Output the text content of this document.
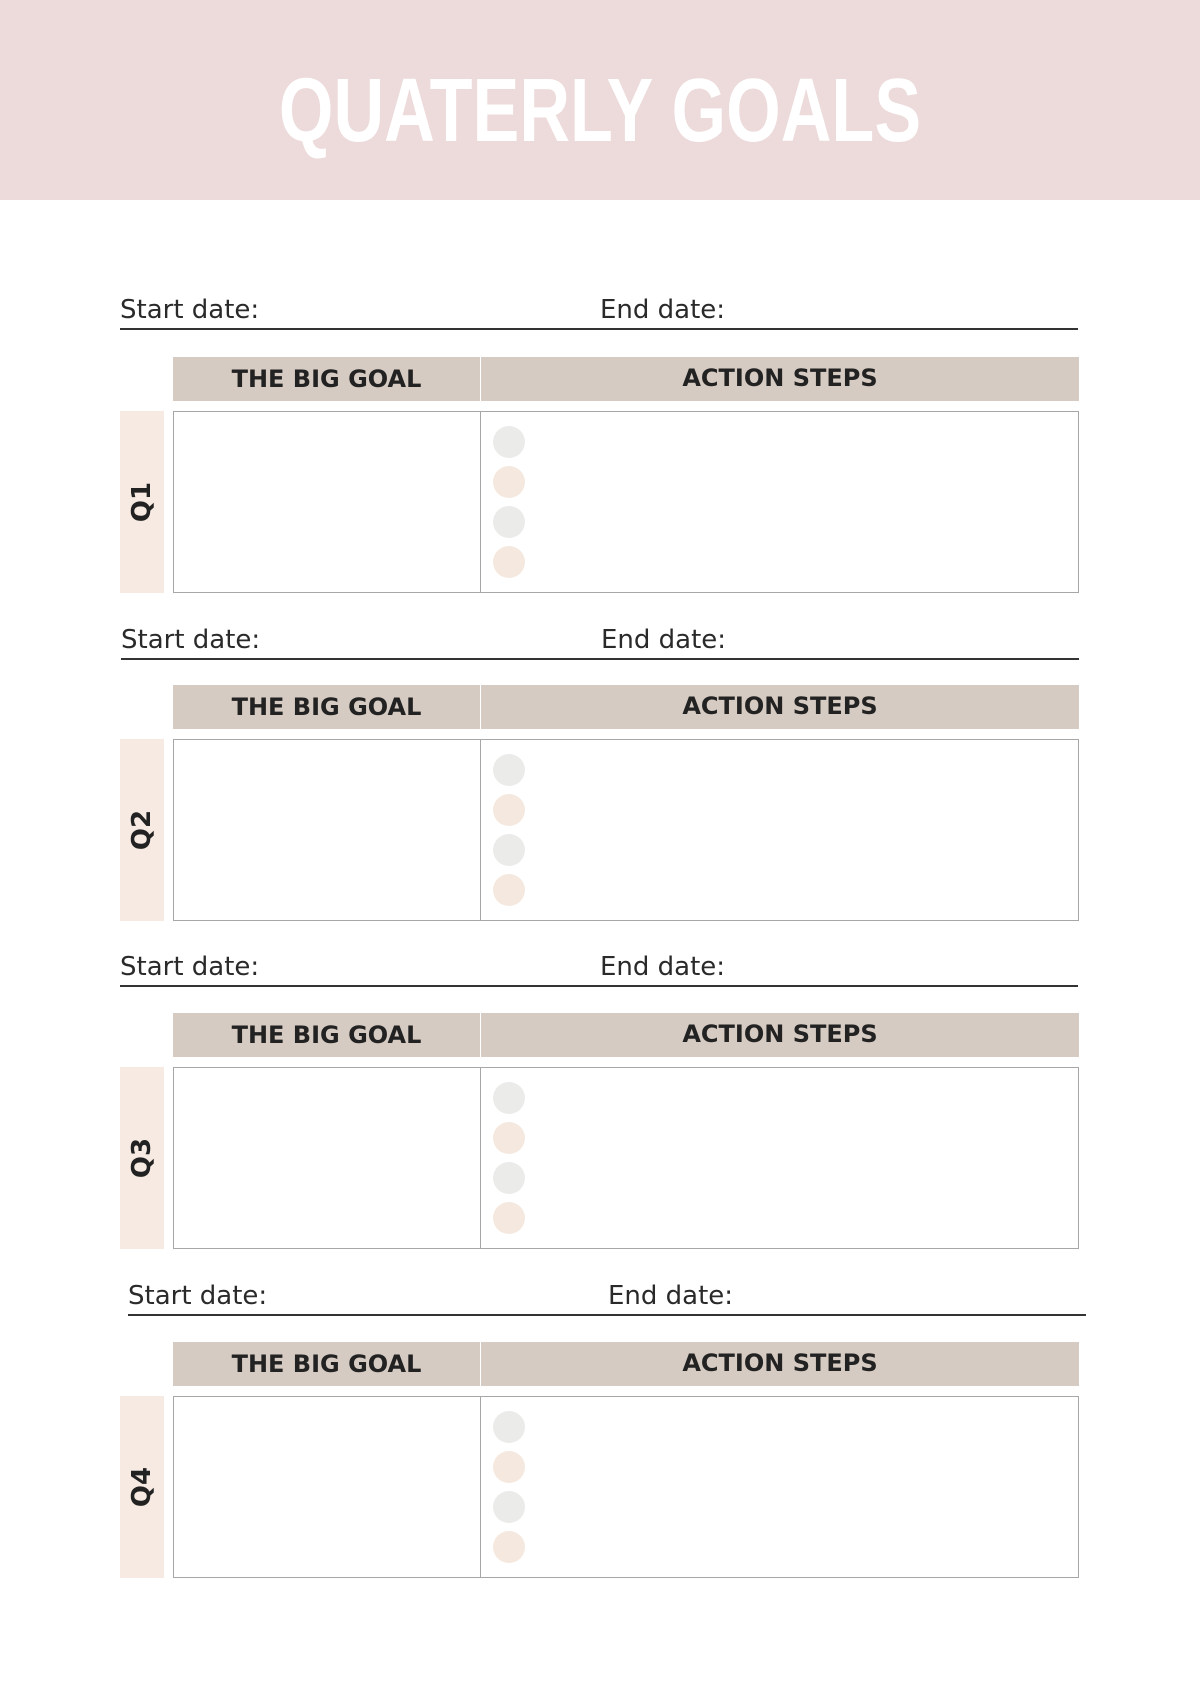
QUATERLY GOALS
Start date:	End date:
THE BIG GOAL	ACTION STEPS
Q1
Start date:	End date:
THE BIG GOAL	ACTION STEPS
Q2
Start date:	End date:
THE BIG GOAL	ACTION STEPS
Q3
Start date:	End date:
THE BIG GOAL	ACTION STEPS
Q4
